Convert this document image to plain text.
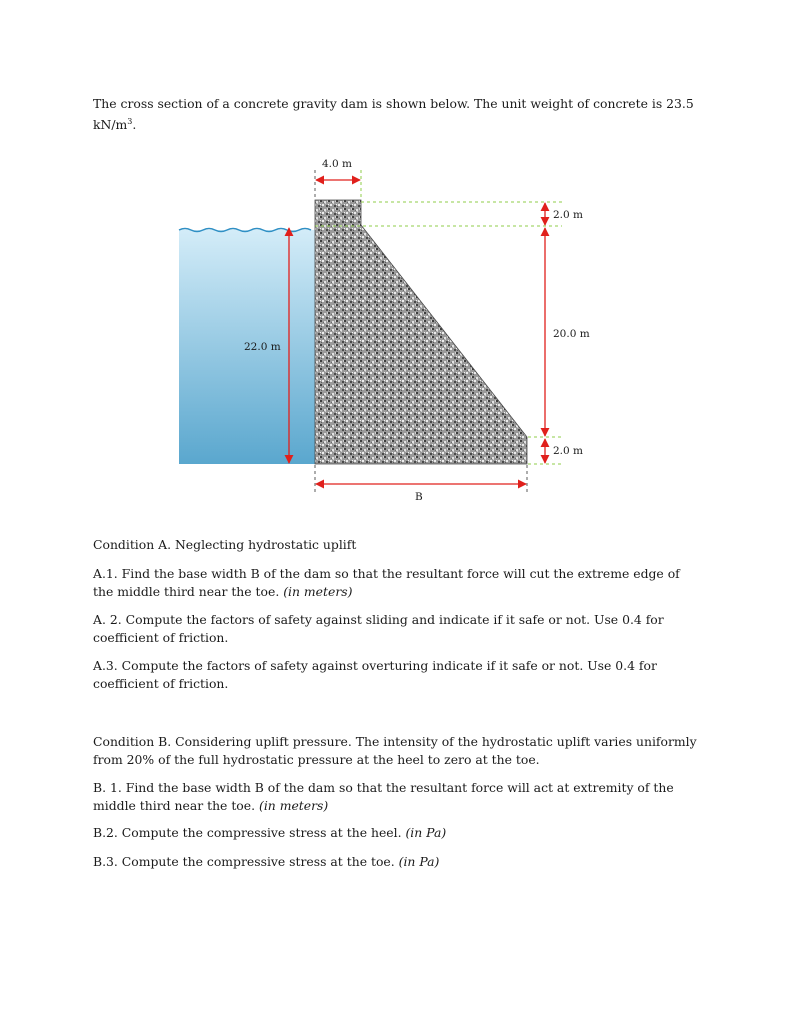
The cross section of a concrete gravity dam is shown below. The unit weight of concrete is 23.5 $kN/m^3$.

4.0 m
22.0 m
2.0 m
20.0 m
2.0 m
B

Condition A. Neglecting hydrostatic uplift

A.1. Find the base width B of the dam so that the resultant force will cut the extreme edge of the middle third near the toe. (in meters)

A. 2. Compute the factors of safety against sliding and indicate if it safe or not. Use 0.4 for coefficient of friction.

A.3. Compute the factors of safety against overturing indicate if it safe or not. Use 0.4 for coefficient of friction.

Condition B. Considering uplift pressure. The intensity of the hydrostatic uplift varies uniformly from 20% of the full hydrostatic pressure at the heel to zero at the toe.

B. 1. Find the base width B of the dam so that the resultant force will act at extremity of the middle third near the toe. (in meters)

B.2. Compute the compressive stress at the heel. (in Pa)

B.3. Compute the compressive stress at the toe. (in Pa)
